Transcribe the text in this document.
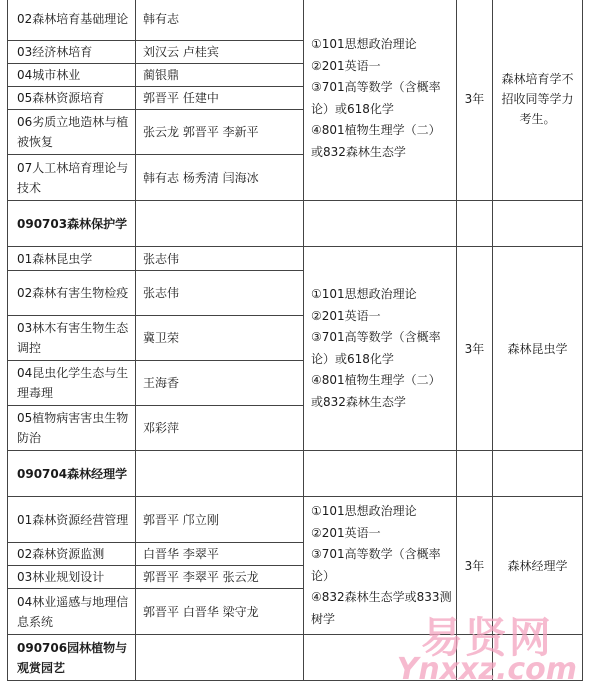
02森林培育基础理论	韩有志	①101思想政治理论
②201英语一
③701高等数学（含概率论）或618化学
④801植物生理学（二）或832森林生态学	3年	森林培育学不招收同等学力考生。
03经济林培育	刘汉云 卢桂宾			
04城市林业	蔺银鼎			
05森林资源培育	郭晋平 任建中			
06劣质立地造林与植被恢复	张云龙 郭晋平 李新平			
07人工林培育理论与技术	韩有志 杨秀清 闫海冰			
090703森林保护学				
01森林昆虫学	张志伟	①101思想政治理论
②201英语一
③701高等数学（含概率论）或618化学
④801植物生理学（二）或832森林生态学	3年	森林昆虫学
02森林有害生物检疫	张志伟			
03林木有害生物生态调控	冀卫荣			
04昆虫化学生态与生理毒理	王海香			
05植物病害害虫生物防治	邓彩萍			
090704森林经理学				
01森林资源经营管理	郭晋平 邝立刚	①101思想政治理论
②201英语一
③701高等数学（含概率论）
④832森林生态学或833测树学	3年	森林经理学
02森林资源监测	白晋华 李翠平			
03林业规划设计	郭晋平 李翠平 张云龙			
04林业遥感与地理信息系统	郭晋平 白晋华 梁守龙			
090706园林植物与观赏园艺				
易贤网
Ynxxz.com
